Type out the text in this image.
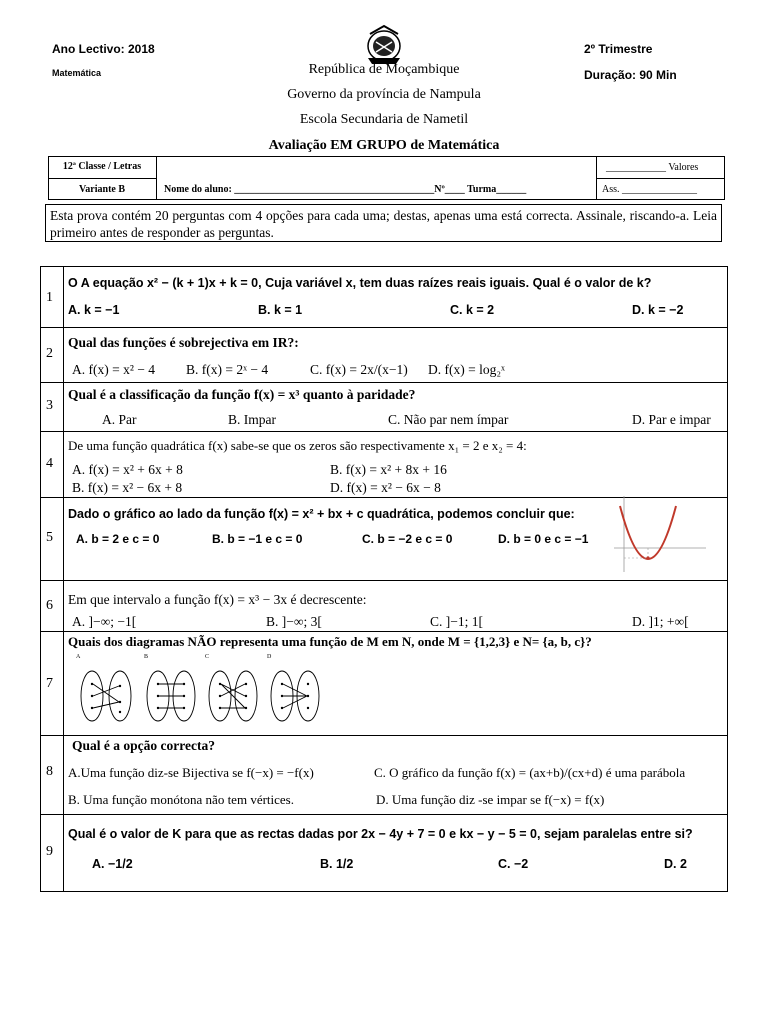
Ano Lectivo: 2018
Matemática	República de Moçambique
Governo da província de Nampula
Escola Secundaria de Nametil
2º Trimestre
Duração: 90 Min
Avaliação EM GRUPO de Matemática
12ª Classe / Letras
Variante B	Nome do aluno: ________________________________________Nº____ Turma______
____________ Valores
Ass. _______________
Esta prova contém 20 perguntas com 4 opções para cada uma; destas, apenas uma está correcta. Assinale, riscando-a. Leia primeiro antes de responder as perguntas.
1
O A equação x² − (k + 1)x + k = 0, Cuja variável x, tem duas raízes reais iguais. Qual é o valor de k?
A. k = −1	B. k = 1	C. k = 2	D. k = −2
2
Qual das funções é sobrejectiva em IR?:
A. f(x) = x² − 4 B. f(x) = 2ˣ − 4	C. f(x) = 2x/(x−1) D. f(x) = log₂ˣ
3
Qual é a classificação da função f(x) = x³ quanto à paridade?
A. Par	B. Impar	C. Não par nem ímpar	D. Par e impar
4
De uma função quadrática f(x) sabe-se que os zeros são respectivamente x₁ = 2 e x₂ = 4:
A. f(x) = x² + 6x + 8	B. f(x) = x² + 8x + 16
B. f(x) = x² − 6x + 8	D. f(x) = x² − 6x − 8
5
Dado o gráfico ao lado da função f(x) = x² + bx + c quadrática, podemos concluir que:
A. b = 2 e c = 0	B. b = −1 e c = 0	C. b = −2 e c = 0	D. b = 0 e c = −1
6 Em que intervalo a função f(x) = x³ − 3x é decrescente:
A. ]−∞; −1[	B. ]−∞; 3[	C. ]−1; 1[	D. ]1; +∞[
7
Quais dos diagramas NÃO representa uma função de M em N, onde M = {1,2,3} e N= {a, b, c}?
A	B	C	D
8
Qual é a opção correcta?
A.Uma função diz-se Bijectiva se f(−x) = −f(x)	C. O gráfico da função f(x) = (ax+b)/(cx+d) é uma parábola
B. Uma função monótona não tem vértices.	D. Uma função diz -se impar se f(−x) = f(x)
9
Qual é o valor de K para que as rectas dadas por 2x − 4y + 7 = 0 e kx − y − 5 = 0, sejam paralelas entre si?
A. −1/2	B. 1/2	C. −2	D. 2
